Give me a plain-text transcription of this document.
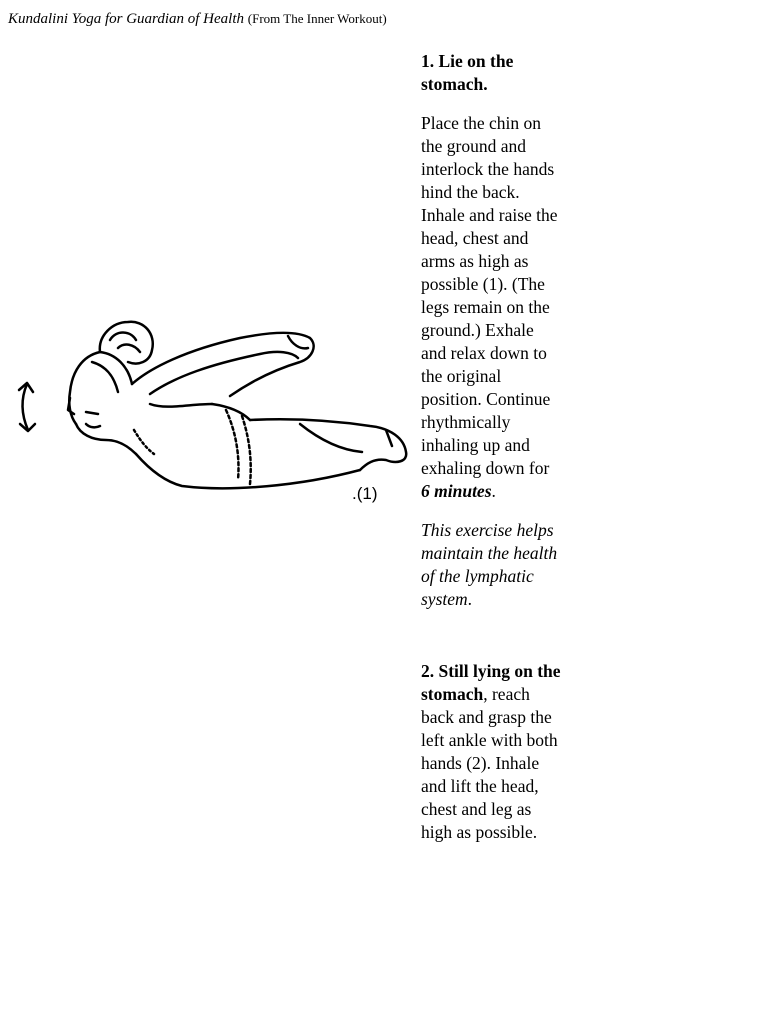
Kundalini Yoga for Guardian of Health (From The Inner Workout)
.(1)

1. Lie on the stomach.

Place the chin on the ground and interlock the hands hind the back. Inhale and raise the head, chest and arms as high as possible (1). (The legs remain on the ground.) Exhale and relax down to the original position. Continue rhythmically inhaling up and exhaling down for 6 minutes.

This exercise helps maintain the health of the lymphatic system.

2. Still lying on the stomach, reach back and grasp the left ankle with both hands (2). Inhale and lift the head, chest and leg as high as possible.
